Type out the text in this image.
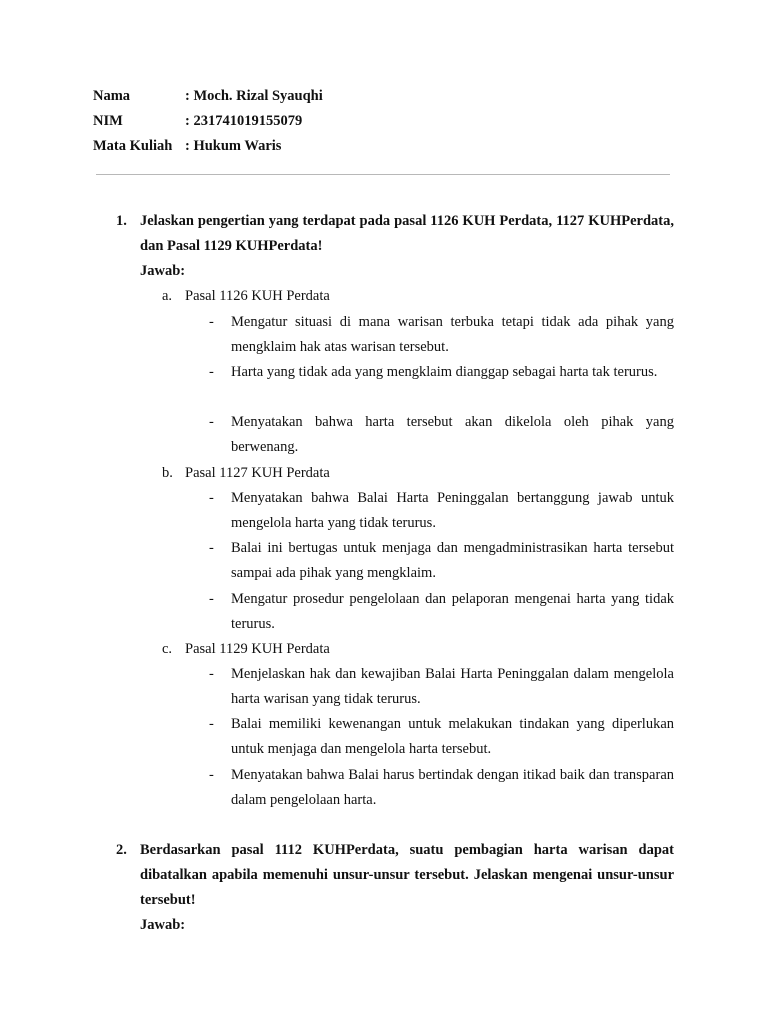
Nama	: Moch. Rizal Syauqhi
NIM	: 231741019155079
Mata Kuliah : Hukum Waris
1. Jelaskan pengertian yang terdapat pada pasal 1126 KUH Perdata, 1127 KUHPerdata, dan Pasal 1129 KUHPerdata!
Jawab:
a. Pasal 1126 KUH Perdata
- Mengatur situasi di mana warisan terbuka tetapi tidak ada pihak yang mengklaim hak atas warisan tersebut.
- Harta yang tidak ada yang mengklaim dianggap sebagai harta tak terurus.
- Menyatakan bahwa harta tersebut akan dikelola oleh pihak yang berwenang.
b. Pasal 1127 KUH Perdata
- Menyatakan bahwa Balai Harta Peninggalan bertanggung jawab untuk mengelola harta yang tidak terurus.
- Balai ini bertugas untuk menjaga dan mengadministrasikan harta tersebut sampai ada pihak yang mengklaim.
- Mengatur prosedur pengelolaan dan pelaporan mengenai harta yang tidak terurus.
c. Pasal 1129 KUH Perdata
- Menjelaskan hak dan kewajiban Balai Harta Peninggalan dalam mengelola harta warisan yang tidak terurus.
- Balai memiliki kewenangan untuk melakukan tindakan yang diperlukan untuk menjaga dan mengelola harta tersebut.
- Menyatakan bahwa Balai harus bertindak dengan itikad baik dan transparan dalam pengelolaan harta.
2. Berdasarkan pasal 1112 KUHPerdata, suatu pembagian harta warisan dapat dibatalkan apabila memenuhi unsur-unsur tersebut. Jelaskan mengenai unsur-unsur tersebut!
Jawab:
